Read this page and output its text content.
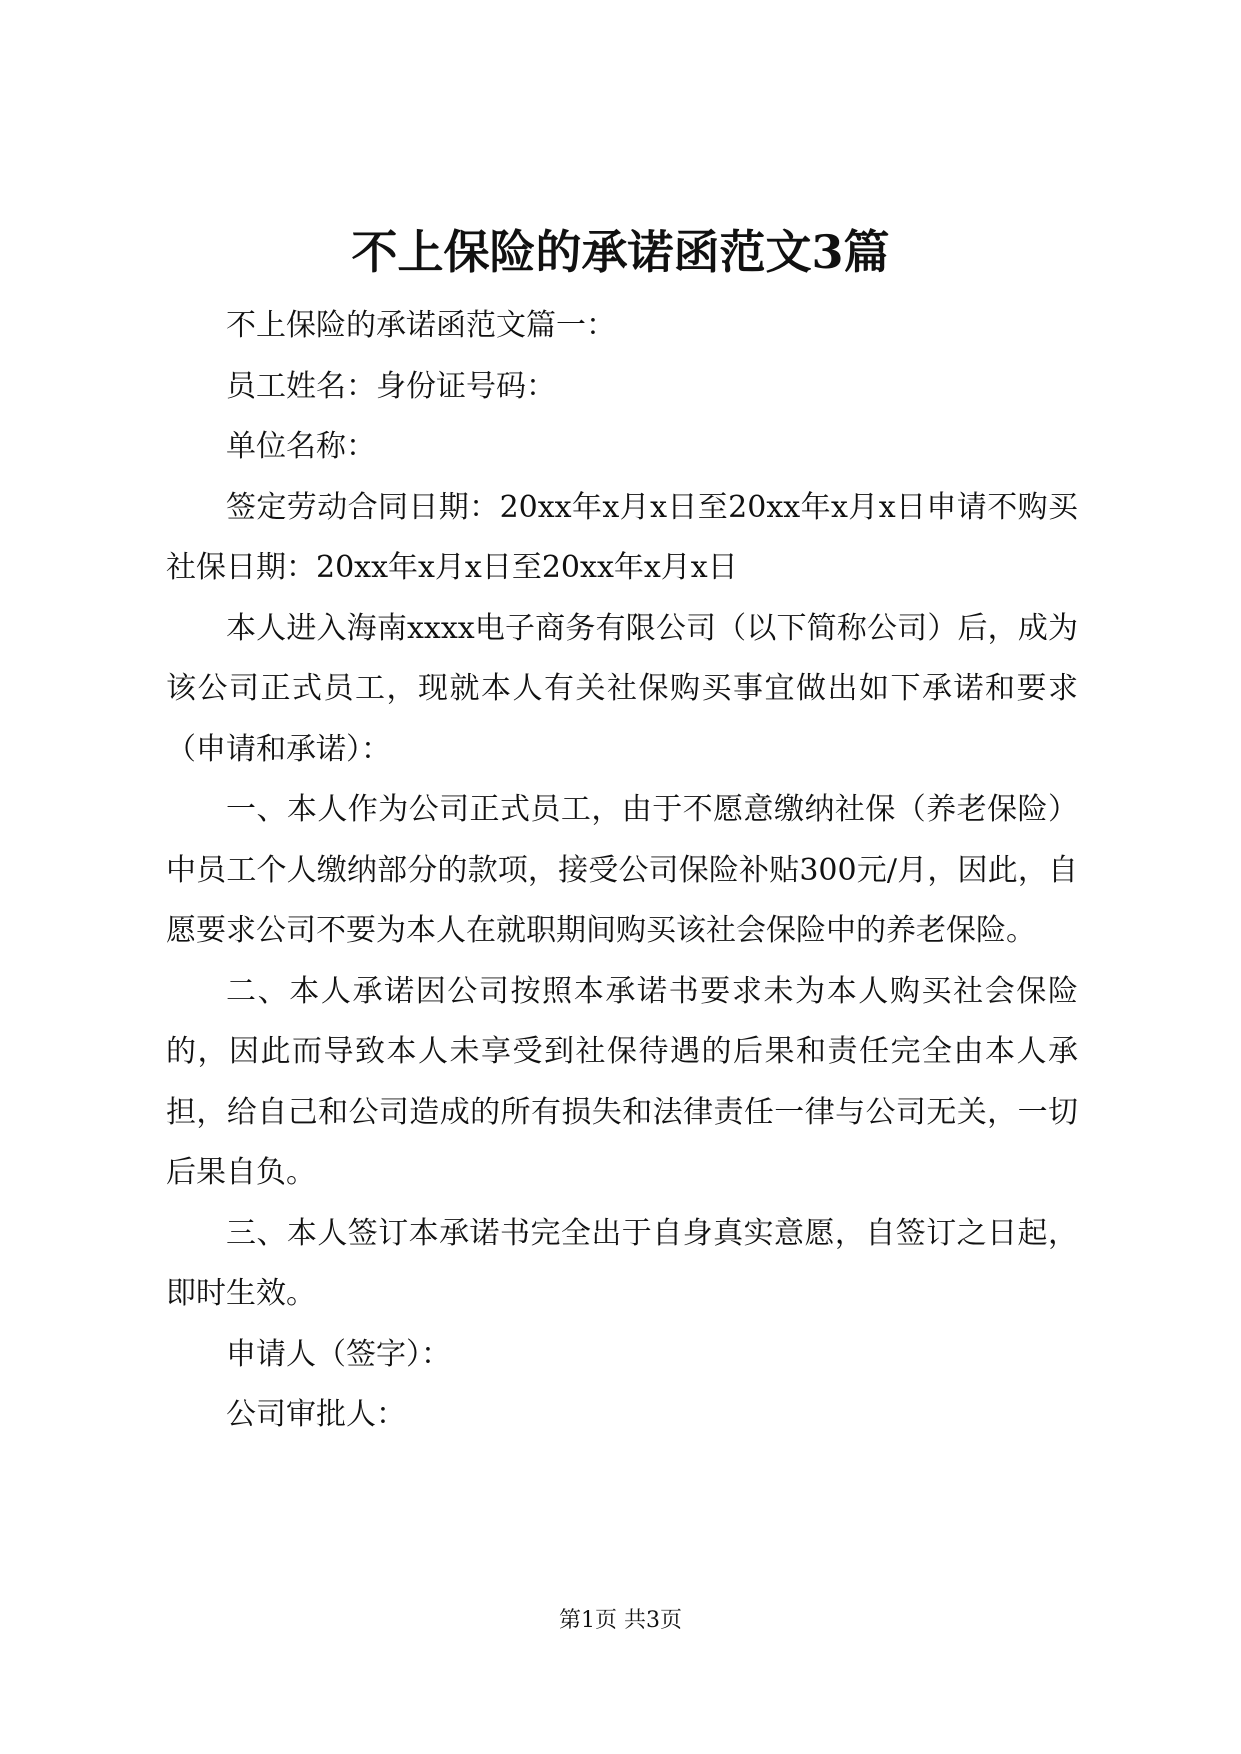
不上保险的承诺函范文3篇

不上保险的承诺函范文篇一：

员工姓名：身份证号码：

单位名称：

签定劳动合同日期：20xx年x月x日至20xx年x月x日申请不购买社保日期：20xx年x月x日至20xx年x月x日

本人进入海南xxxx电子商务有限公司（以下简称公司）后，成为该公司正式员工，现就本人有关社保购买事宜做出如下承诺和要求（申请和承诺）：

一、本人作为公司正式员工，由于不愿意缴纳社保（养老保险）中员工个人缴纳部分的款项，接受公司保险补贴300元/月，因此，自愿要求公司不要为本人在就职期间购买该社会保险中的养老保险。

二、本人承诺因公司按照本承诺书要求未为本人购买社会保险的，因此而导致本人未享受到社保待遇的后果和责任完全由本人承担，给自己和公司造成的所有损失和法律责任一律与公司无关，一切后果自负。

三、本人签订本承诺书完全出于自身真实意愿，自签订之日起，即时生效。

申请人（签字）：

公司审批人：

第1页 共3页
